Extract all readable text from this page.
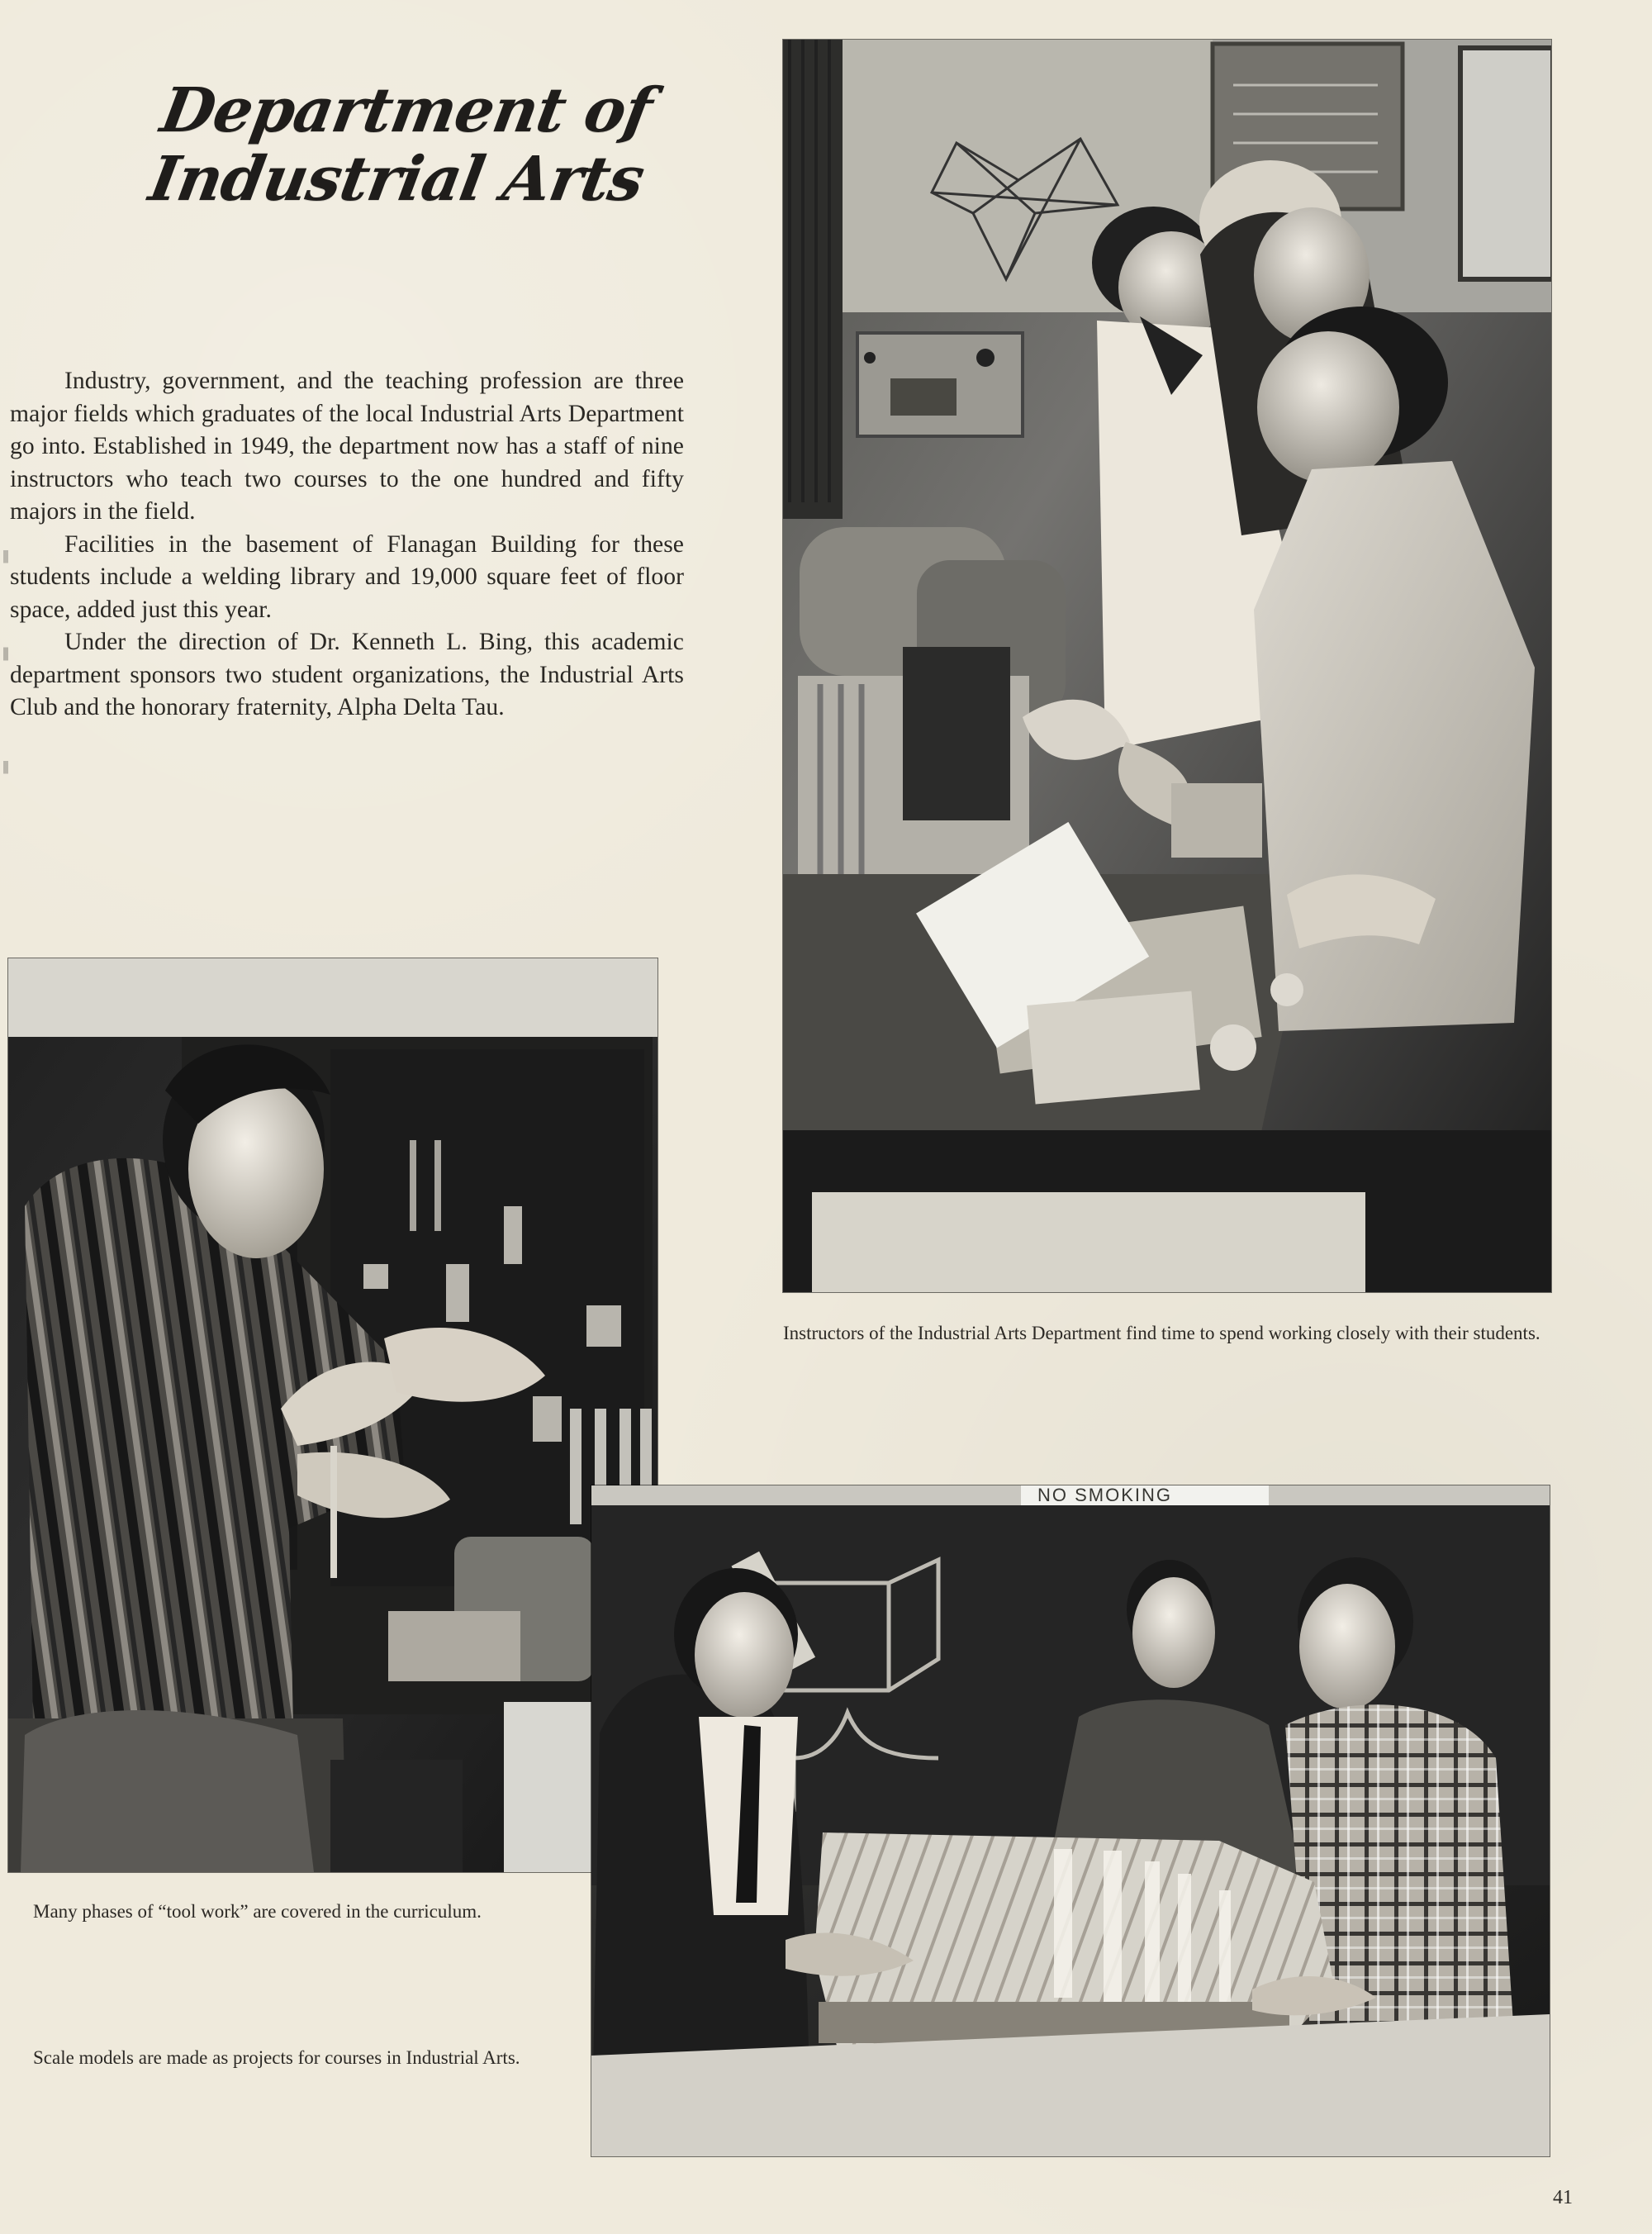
Department of
Industrial Arts

Industry, government, and the teaching profession are three major fields which graduates of the local Industrial Arts Department go into. Established in 1949, the department now has a staff of nine instructors who teach two courses to the one hundred and fifty majors in the field.

Facilities in the basement of Flanagan Building for these students include a welding library and 19,000 square feet of floor space, added just this year.

Under the direction of Dr. Kenneth L. Bing, this academic department sponsors two student organizations, the Industrial Arts Club and the honorary fraternity, Alpha Delta Tau.

Instructors of the Industrial Arts Department find time to spend working closely with their students.
Many phases of “tool work” are covered in the curriculum.
NO SMOKING
Scale models are made as projects for courses in Industrial Arts.
41
